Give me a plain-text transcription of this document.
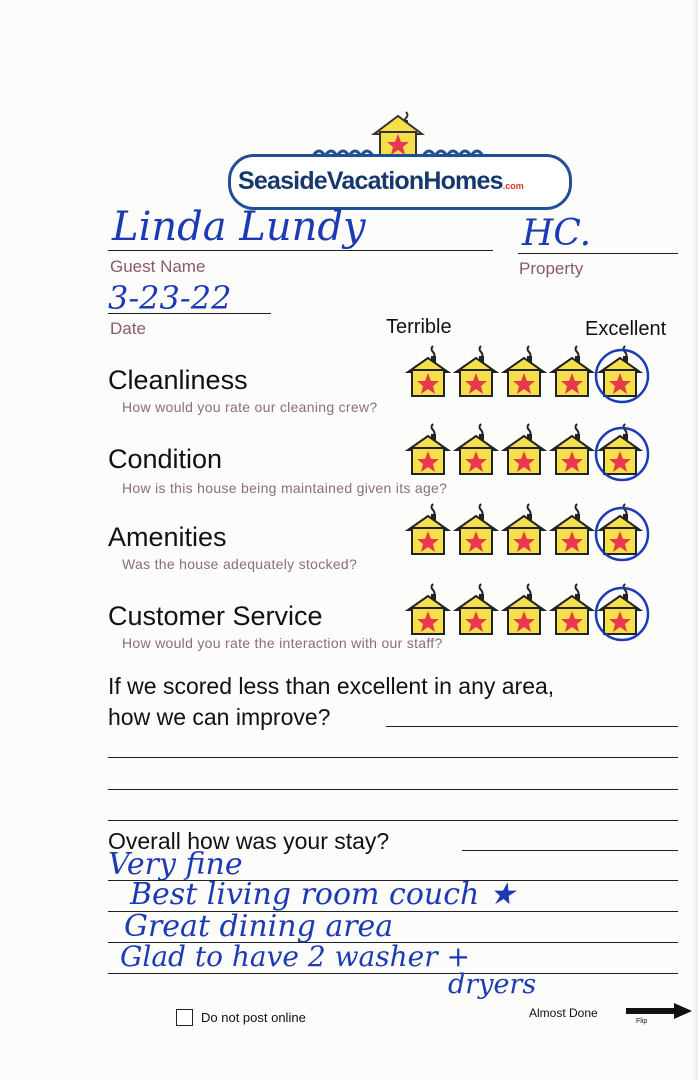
SeasideVacationHomes.com
Linda Lundy
Guest Name
HC.
Property
3-23-22
Date	Terrible	Excellent
Cleanliness
How would you rate our cleaning crew?
Condition
How is this house being maintained given its age?
Amenities
Was the house adequately stocked?
Customer Service
How would you rate the interaction with our staff?
If we scored less than excellent in any area,
how we can improve?
Overall how was your stay?
Very fine
Best living room couch ★
Great dining area
Glad to have 2 washer +
dryers
Do not post online	Almost Done
Flip
